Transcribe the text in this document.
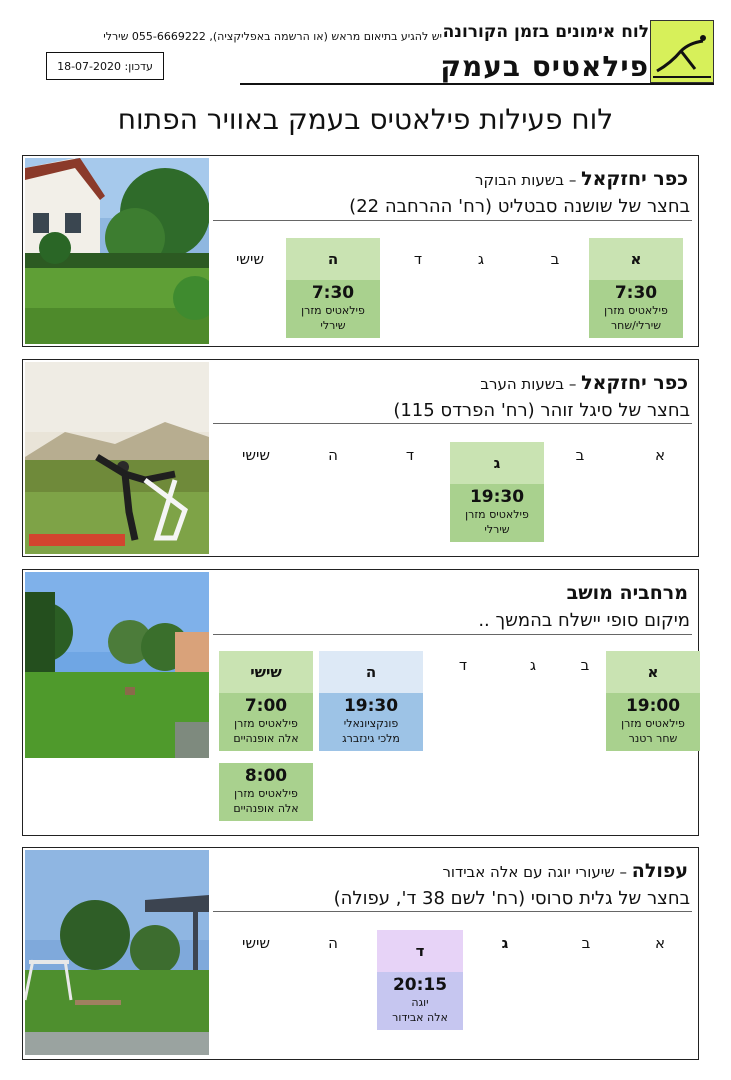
לוח אימונים בזמן הקורונה
פילאטיס בעמק
יש להגיע בתיאום מראש (או הרשמה באפליקציה), 055-6669222 שירלי
עדכון: 18-07-2020
לוח פעילות פילאטיס בעמק באוויר הפתוח
כפר יחזקאל – בשעות הבוקר
בחצר של שושנה סבטליט (רח' ההרחבה 22)
א
ב
ג
ד
ה
שישי
7:30
פילאטיס מזרן
שירלי/שחר
7:30
פילאטיס מזרן
שירלי
כפר יחזקאל – בשעות הערב
בחצר של סיגל זוהר (רח' הפרדס 115)
א
ב
ג
ד
ה
שישי
19:30
פילאטיס מזרן
שירלי
מרחביה מושב
מיקום סופי יישלח בהמשך ..
א
ב
ג
ד
ה
שישי
19:00
פילאטיס מזרן
שחר רטנר
19:30
פונקציונאלי
מלכי גינזברג
7:00
פילאטיס מזרן
אלה אופנהיים
8:00
פילאטיס מזרן
אלה אופנהיים
עפולה – שיעורי יוגה עם אלה אבידור
בחצר של גלית סרוסי (רח' לשם 38 ד', עפולה)
א
ב
ג
ד
ה
שישי
20:15
יוגה
אלה אבידור
